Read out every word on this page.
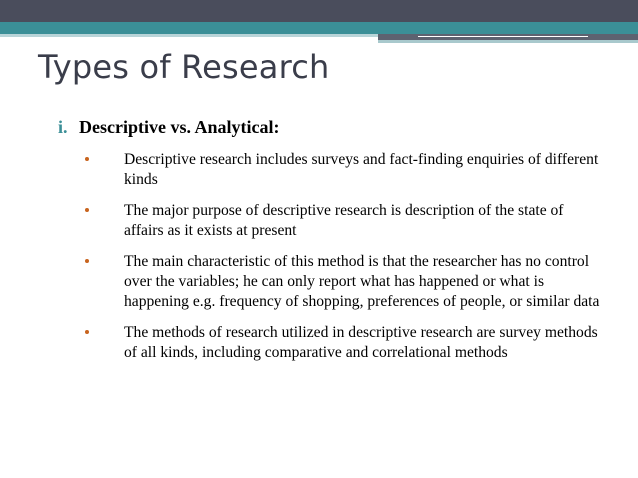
Types of Research
i. Descriptive vs. Analytical:
Descriptive research includes surveys and fact-finding enquiries of different kinds
The major purpose of descriptive research is description of the state of affairs as it exists at present
The main characteristic of this method is that the researcher has no control over the variables; he can only report what has happened or what is happening e.g. frequency of shopping, preferences of people, or similar data
The methods of research utilized in descriptive research are survey methods of all kinds, including comparative and correlational methods
